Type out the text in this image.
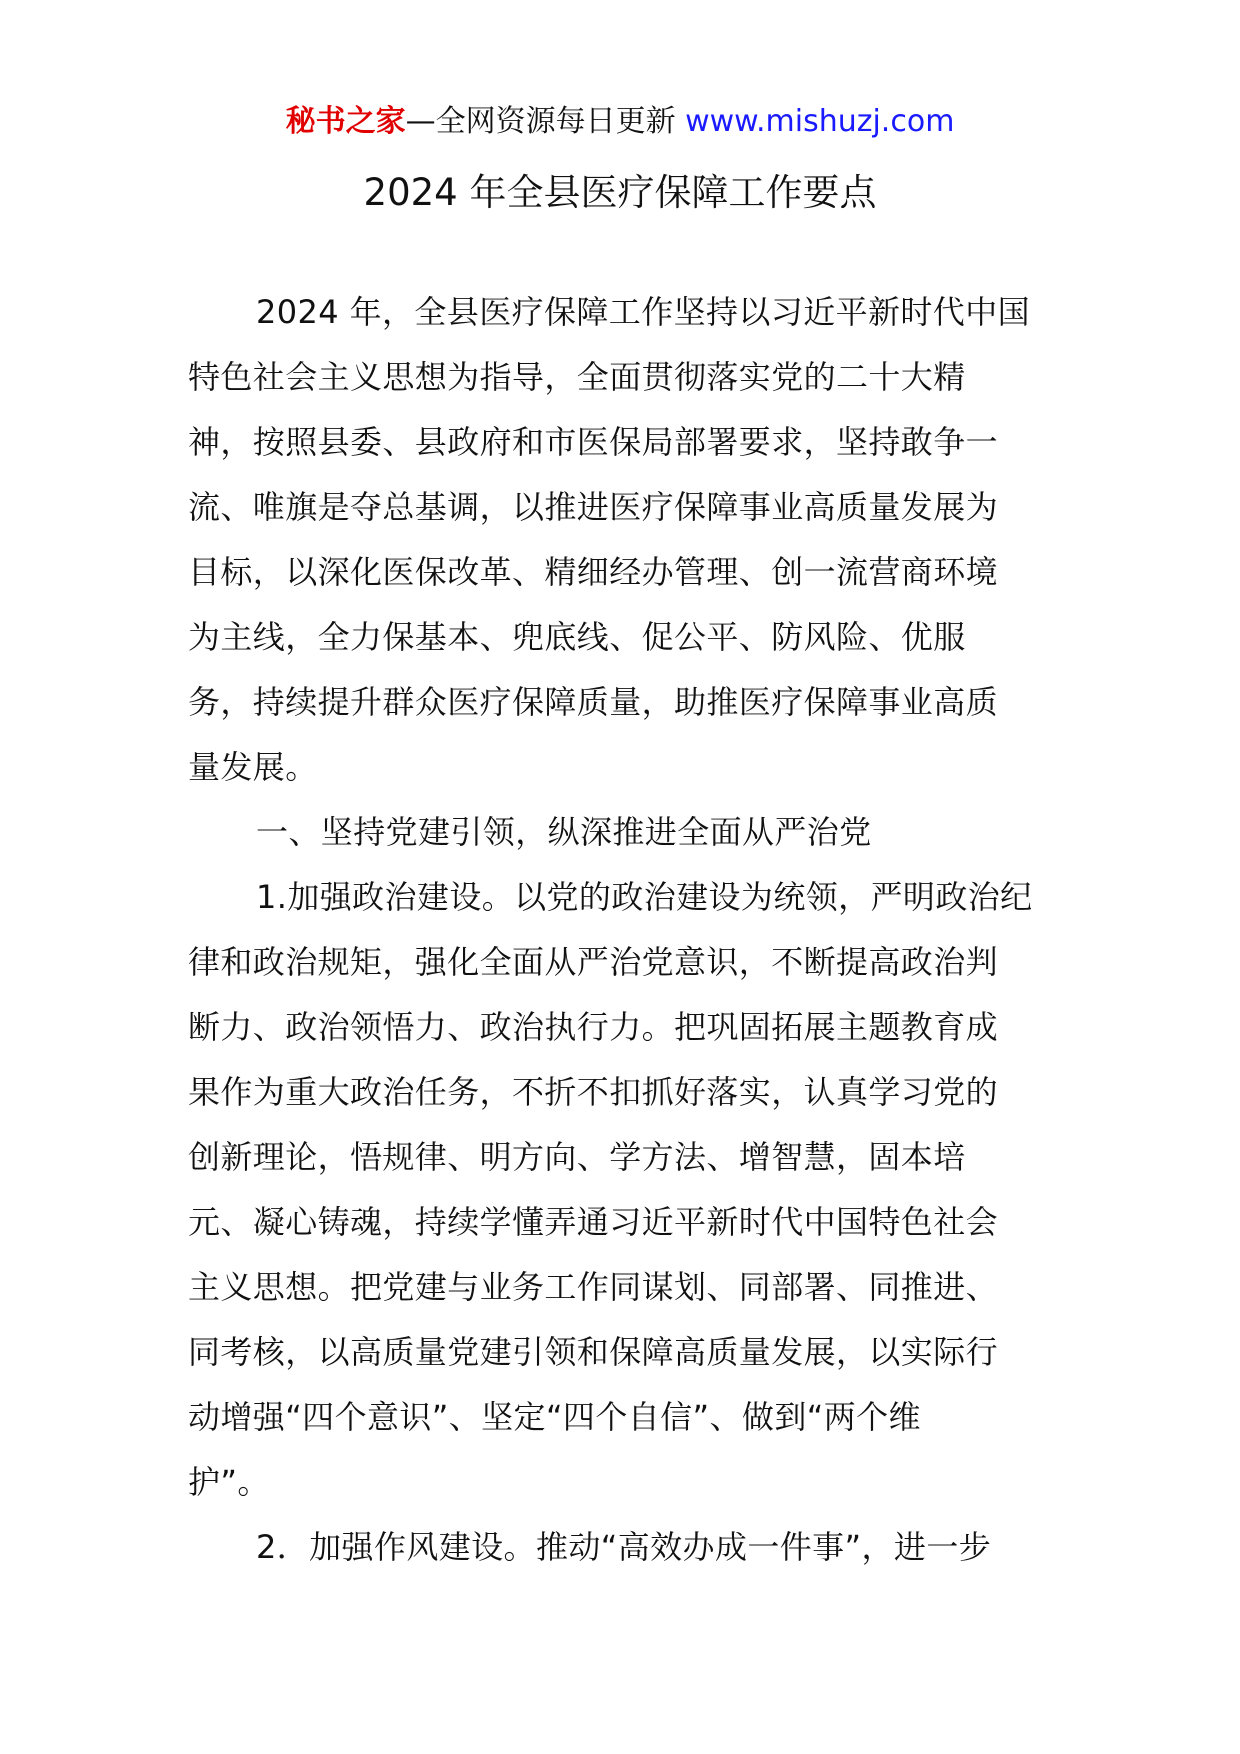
秘书之家—全网资源每日更新 www.mishuzj.com
2024 年全县医疗保障工作要点
2024 年，全县医疗保障工作坚持以习近平新时代中国
特色社会主义思想为指导，全面贯彻落实党的二十大精
神，按照县委、县政府和市医保局部署要求，坚持敢争一
流、唯旗是夺总基调，以推进医疗保障事业高质量发展为
目标，以深化医保改革、精细经办管理、创一流营商环境
为主线，全力保基本、兜底线、促公平、防风险、优服
务，持续提升群众医疗保障质量，助推医疗保障事业高质
量发展。
一、坚持党建引领，纵深推进全面从严治党
1.加强政治建设。以党的政治建设为统领，严明政治纪
律和政治规矩，强化全面从严治党意识，不断提高政治判
断力、政治领悟力、政治执行力。把巩固拓展主题教育成
果作为重大政治任务，不折不扣抓好落实，认真学习党的
创新理论，悟规律、明方向、学方法、增智慧，固本培
元、凝心铸魂，持续学懂弄通习近平新时代中国特色社会
主义思想。把党建与业务工作同谋划、同部署、同推进、
同考核，以高质量党建引领和保障高质量发展，以实际行
动增强“四个意识”、坚定“四个自信”、做到“两个维
护”。
2．加强作风建设。推动“高效办成一件事”，进一步
